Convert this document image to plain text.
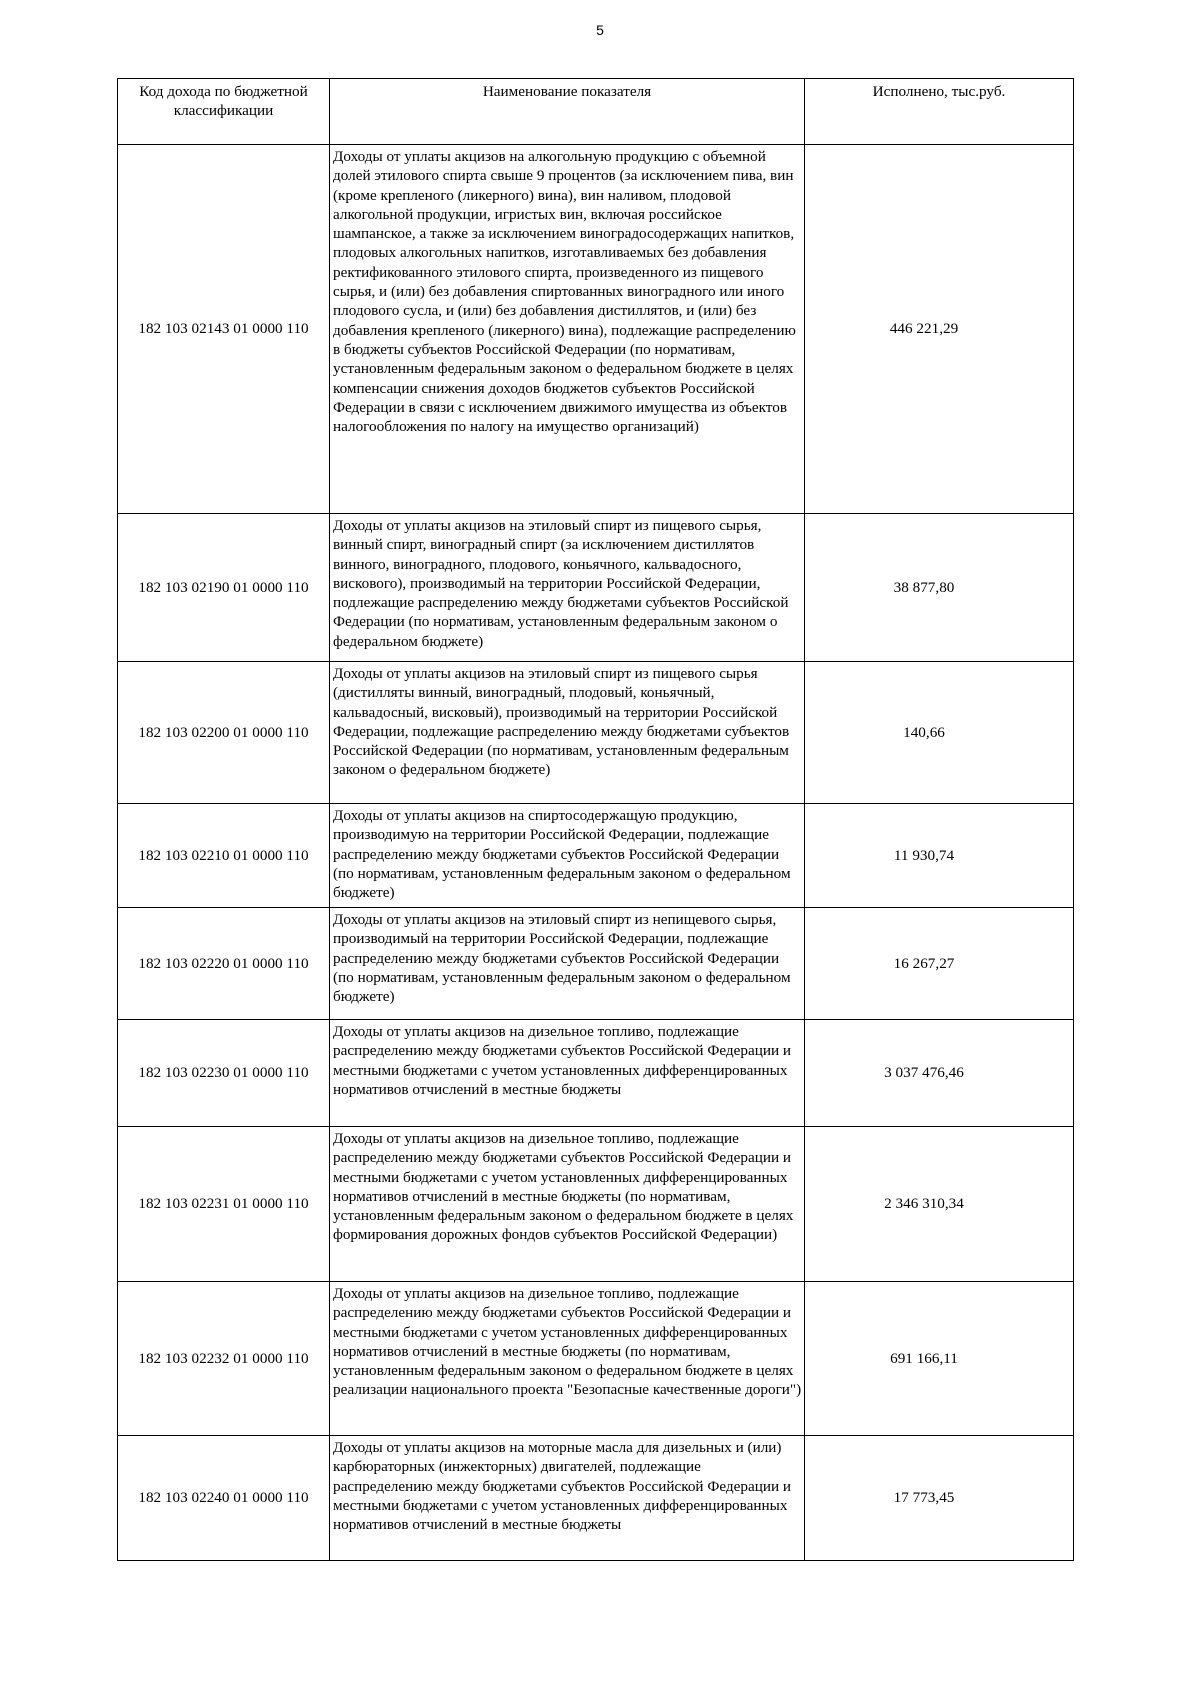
5
Код дохода по бюджетной классификации	Наименование показателя	Исполнено, тыс.руб.
182 103 02143 01 0000 110	Доходы от уплаты акцизов на алкогольную продукцию с объемной долей этилового спирта свыше 9 процентов (за исключением пива, вин (кроме крепленого (ликерного) вина), вин наливом, плодовой алкогольной продукции, игристых вин, включая российское шампанское, а также за исключением виноградосодержащих напитков, плодовых алкогольных напитков, изготавливаемых без добавления ректификованного этилового спирта, произведенного из пищевого сырья, и (или) без добавления спиртованных виноградного или иного плодового сусла, и (или) без добавления дистиллятов, и (или) без добавления крепленого (ликерного) вина), подлежащие распределению в бюджеты субъектов Российской Федерации (по нормативам, установленным федеральным законом о федеральном бюджете в целях компенсации снижения доходов бюджетов субъектов Российской Федерации в связи с исключением движимого имущества из объектов налогообложения по налогу на имущество организаций)	446 221,29
182 103 02190 01 0000 110	Доходы от уплаты акцизов на этиловый спирт из пищевого сырья, винный спирт, виноградный спирт (за исключением дистиллятов винного, виноградного, плодового, коньячного, кальвадосного, вискового), производимый на территории Российской Федерации, подлежащие распределению между бюджетами субъектов Российской Федерации (по нормативам, установленным федеральным законом о федеральном бюджете)	38 877,80
182 103 02200 01 0000 110	Доходы от уплаты акцизов на этиловый спирт из пищевого сырья (дистилляты винный, виноградный, плодовый, коньячный, кальвадосный, висковый), производимый на территории Российской Федерации, подлежащие распределению между бюджетами субъектов Российской Федерации (по нормативам, установленным федеральным законом о федеральном бюджете)	140,66
182 103 02210 01 0000 110	Доходы от уплаты акцизов на спиртосодержащую продукцию, производимую на территории Российской Федерации, подлежащие распределению между бюджетами субъектов Российской Федерации (по нормативам, установленным федеральным законом о федеральном бюджете)	11 930,74
182 103 02220 01 0000 110	Доходы от уплаты акцизов на этиловый спирт из непищевого сырья, производимый на территории Российской Федерации, подлежащие распределению между бюджетами субъектов Российской Федерации (по нормативам, установленным федеральным законом о федеральном бюджете)	16 267,27
182 103 02230 01 0000 110	Доходы от уплаты акцизов на дизельное топливо, подлежащие распределению между бюджетами субъектов Российской Федерации и местными бюджетами с учетом установленных дифференцированных нормативов отчислений в местные бюджеты	3 037 476,46
182 103 02231 01 0000 110	Доходы от уплаты акцизов на дизельное топливо, подлежащие распределению между бюджетами субъектов Российской Федерации и местными бюджетами с учетом установленных дифференцированных нормативов отчислений в местные бюджеты (по нормативам, установленным федеральным законом о федеральном бюджете в целях формирования дорожных фондов субъектов Российской Федерации)	2 346 310,34
182 103 02232 01 0000 110	Доходы от уплаты акцизов на дизельное топливо, подлежащие распределению между бюджетами субъектов Российской Федерации и местными бюджетами с учетом установленных дифференцированных нормативов отчислений в местные бюджеты (по нормативам, установленным федеральным законом о федеральном бюджете в целях реализации национального проекта "Безопасные качественные дороги")	691 166,11
182 103 02240 01 0000 110	Доходы от уплаты акцизов на моторные масла для дизельных и (или) карбюраторных (инжекторных) двигателей, подлежащие распределению между бюджетами субъектов Российской Федерации и местными бюджетами с учетом установленных дифференцированных нормативов отчислений в местные бюджеты	17 773,45
